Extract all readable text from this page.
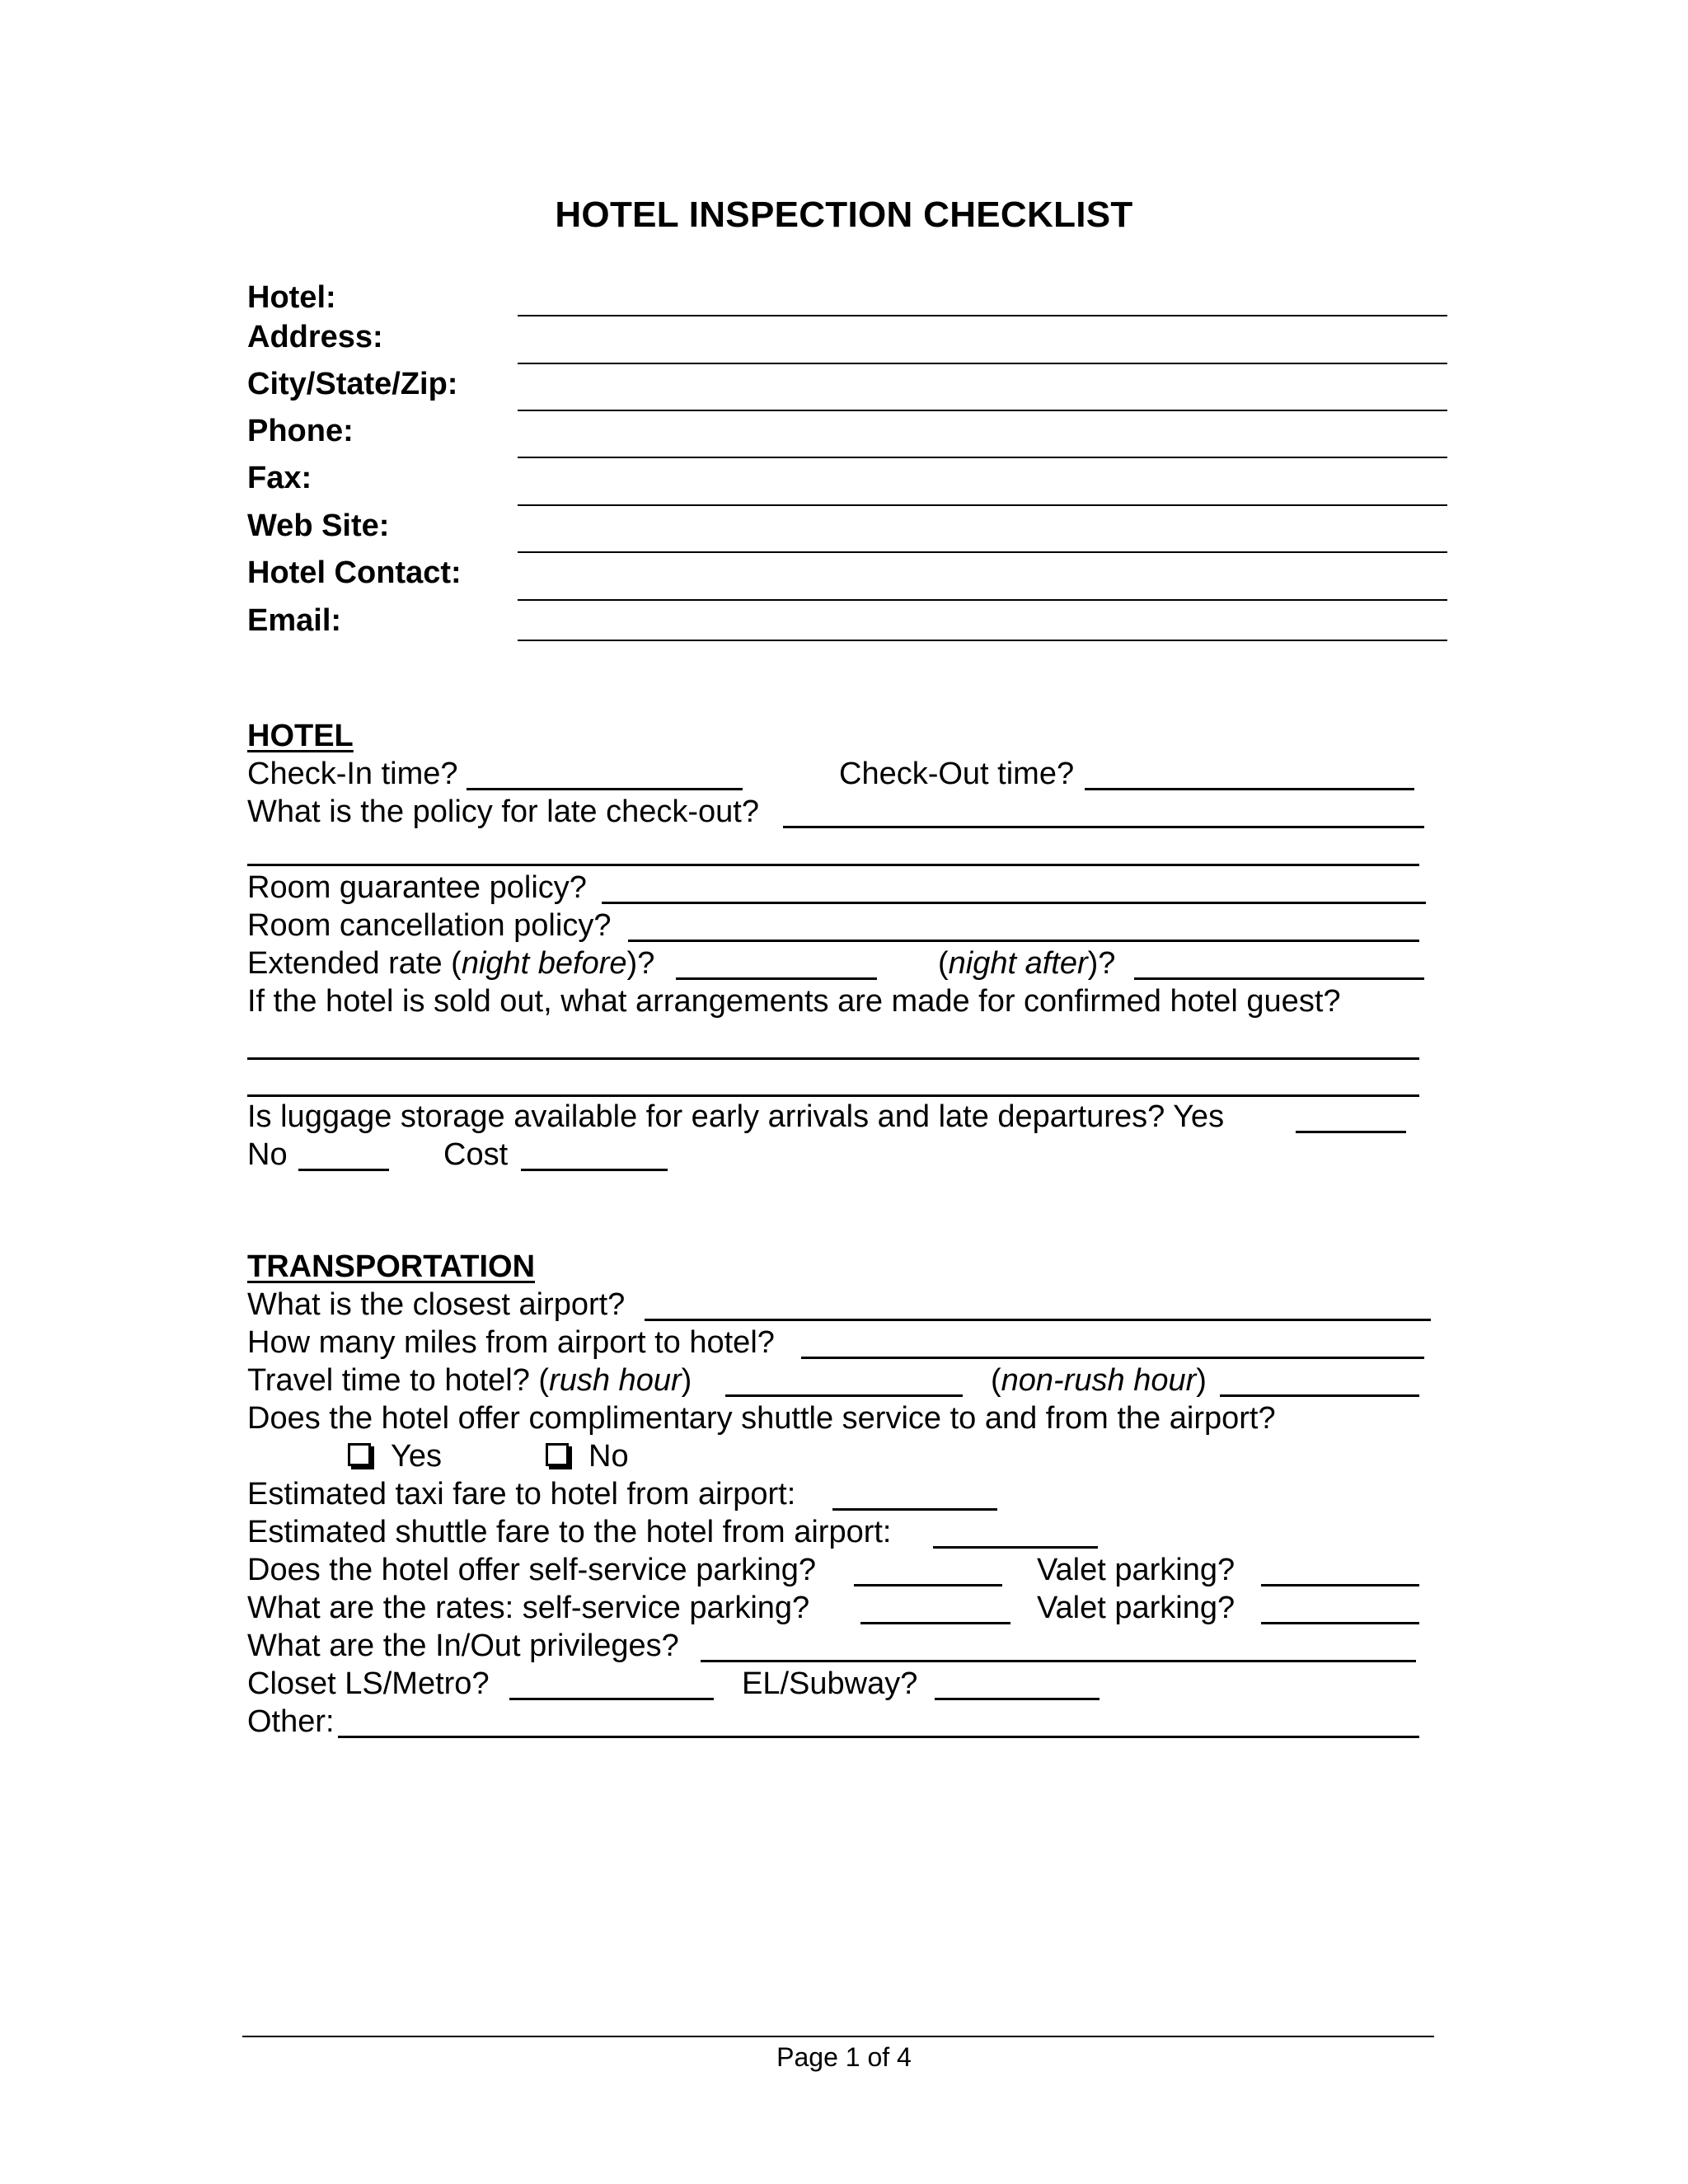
HOTEL INSPECTION CHECKLIST
Hotel:
Address:
City/State/Zip:
Phone:
Fax:
Web Site:
Hotel Contact:
Email:
HOTEL
Check-In time?	Check-Out time?
What is the policy for late check-out?
Room guarantee policy?
Room cancellation policy?
Extended rate (night before)?	(night after)?
If the hotel is sold out, what arrangements are made for confirmed hotel guest?
Is luggage storage available for early arrivals and late departures? Yes
No	Cost
TRANSPORTATION
What is the closest airport?
How many miles from airport to hotel?
Travel time to hotel? (rush hour)	(non-rush hour)
Does the hotel offer complimentary shuttle service to and from the airport?
Yes	No
Estimated taxi fare to hotel from airport:
Estimated shuttle fare to the hotel from airport:
Does the hotel offer self-service parking?	Valet parking?
What are the rates: self-service parking?	Valet parking?
What are the In/Out privileges?
Closet LS/Metro?	EL/Subway?
Other:
Page 1 of 4
